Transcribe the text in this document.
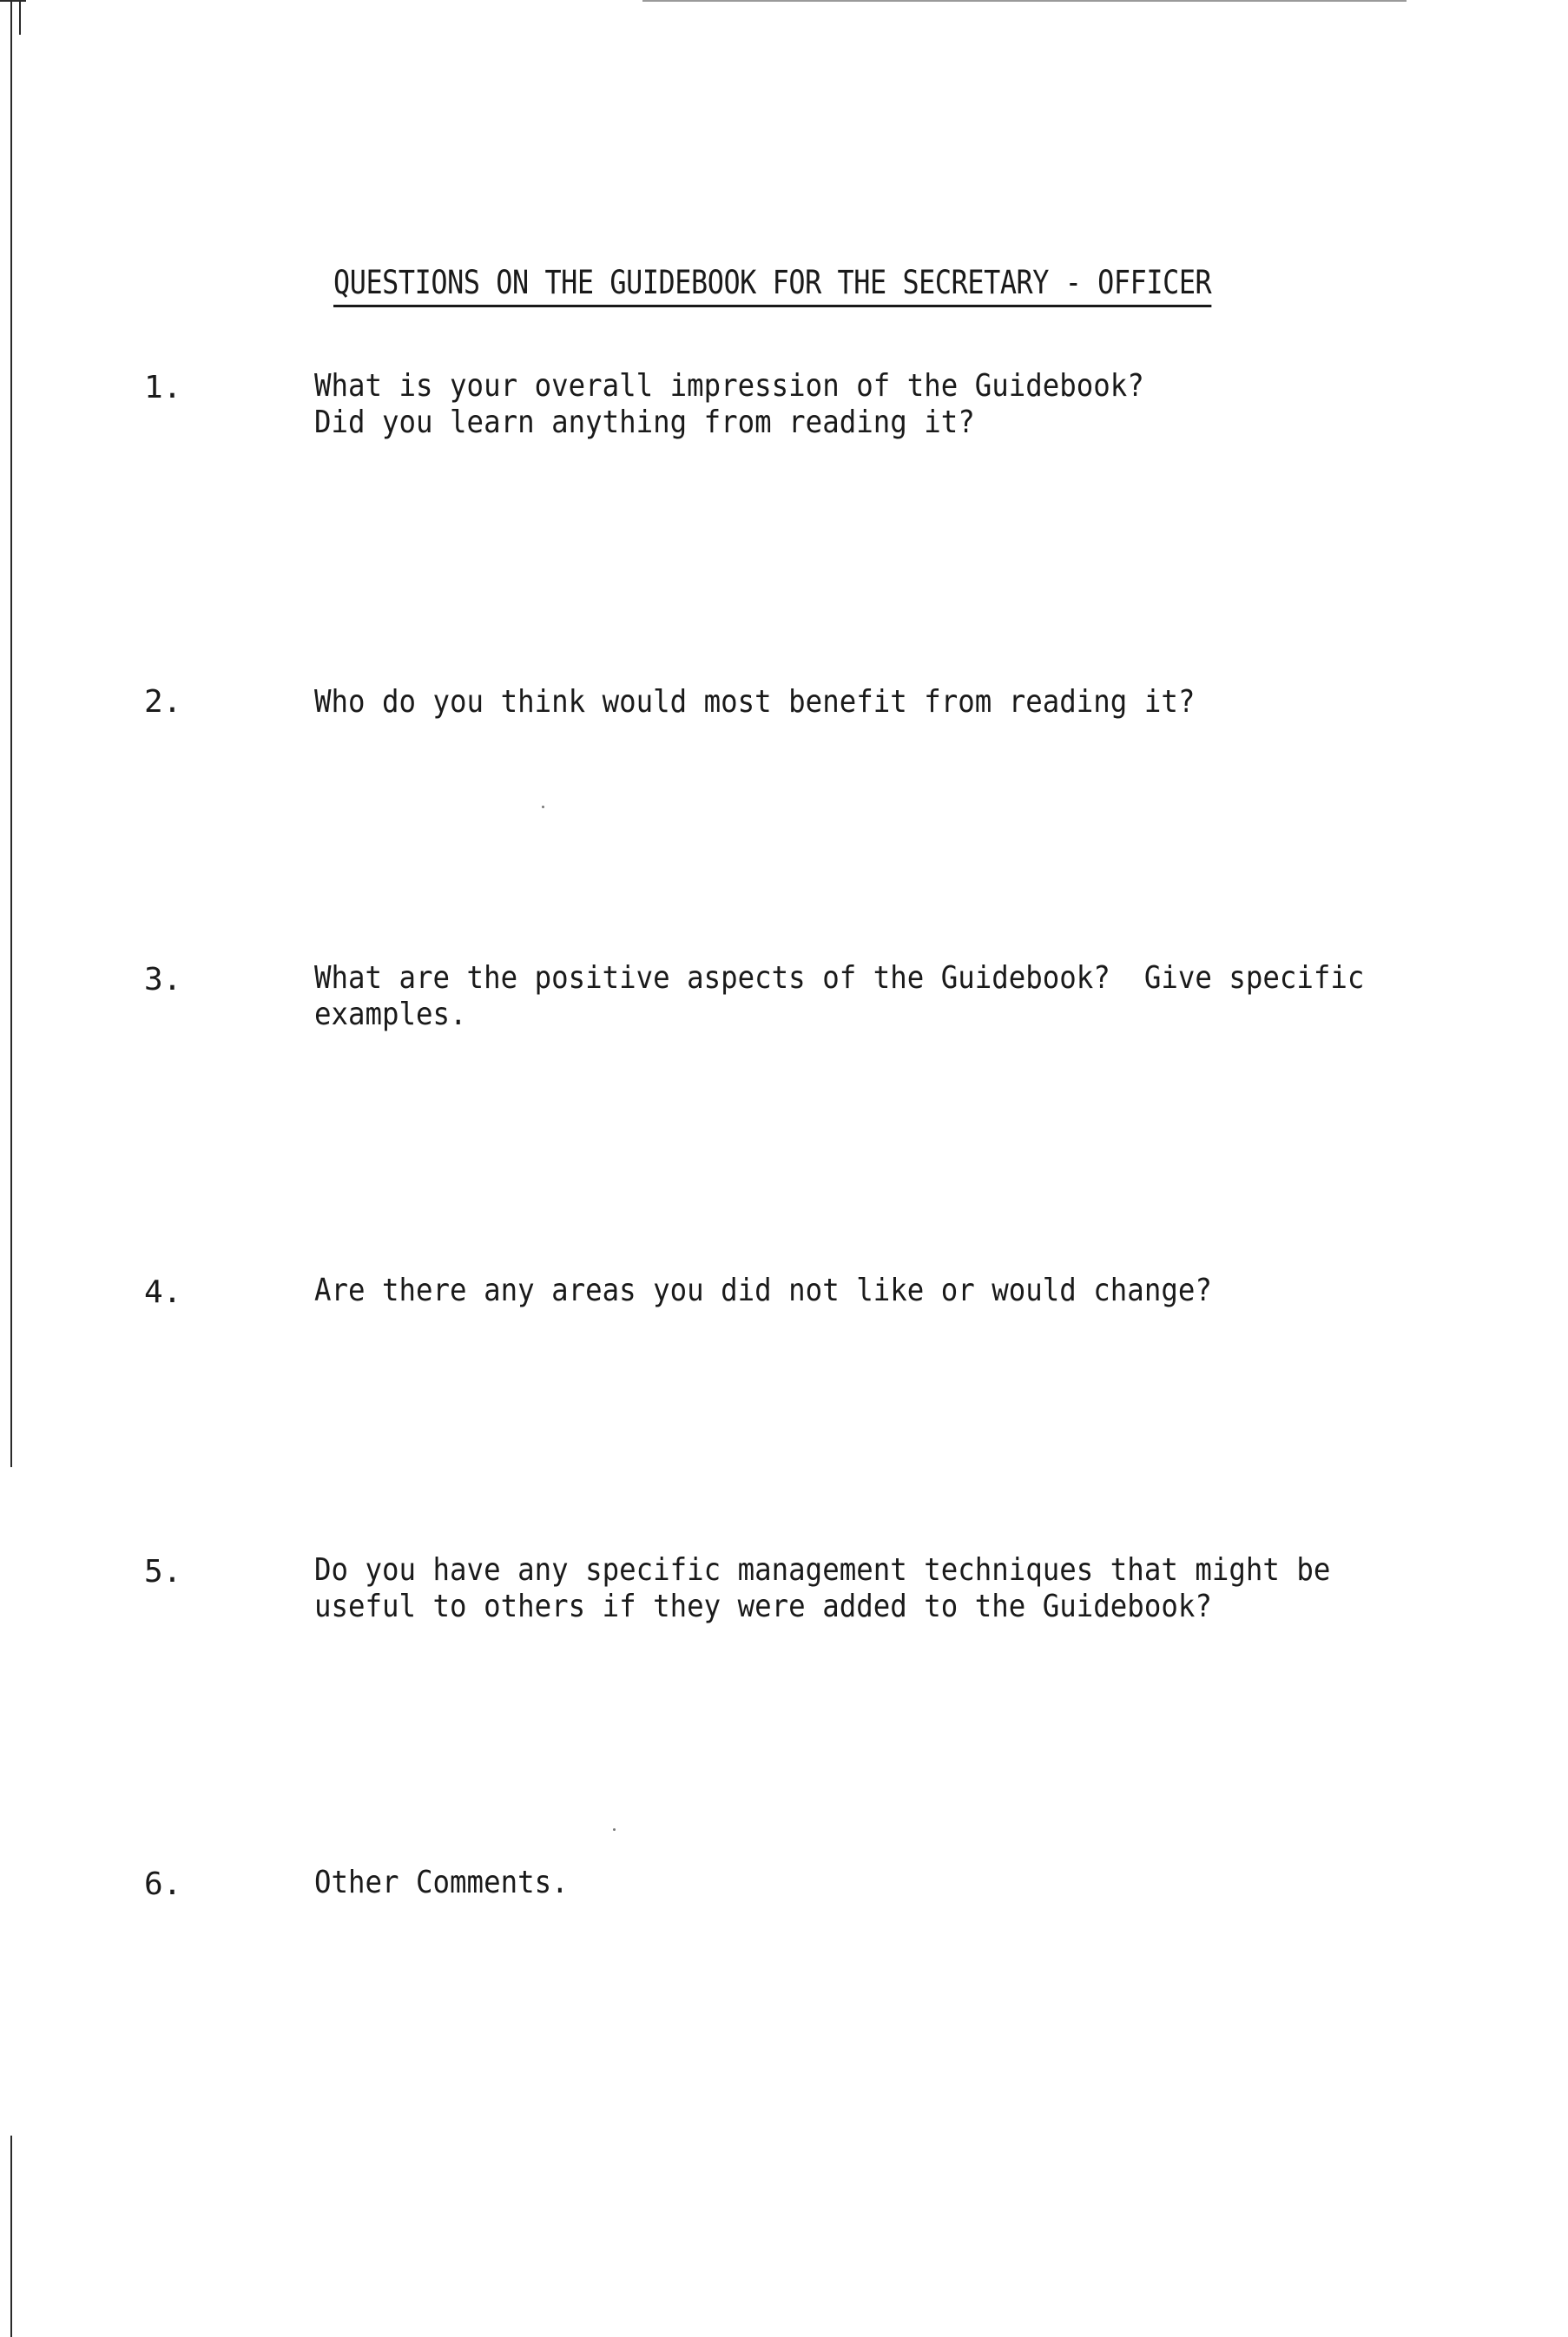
QUESTIONS ON THE GUIDEBOOK FOR THE SECRETARY - OFFICER
1.	What is your overall impression of the Guidebook?
Did you learn anything from reading it?
2.	Who do you think would most benefit from reading it?
3.	What are the positive aspects of the Guidebook?  Give specific
examples.
4.	Are there any areas you did not like or would change?
5.	Do you have any specific management techniques that might be
useful to others if they were added to the Guidebook?
6.	Other Comments.
